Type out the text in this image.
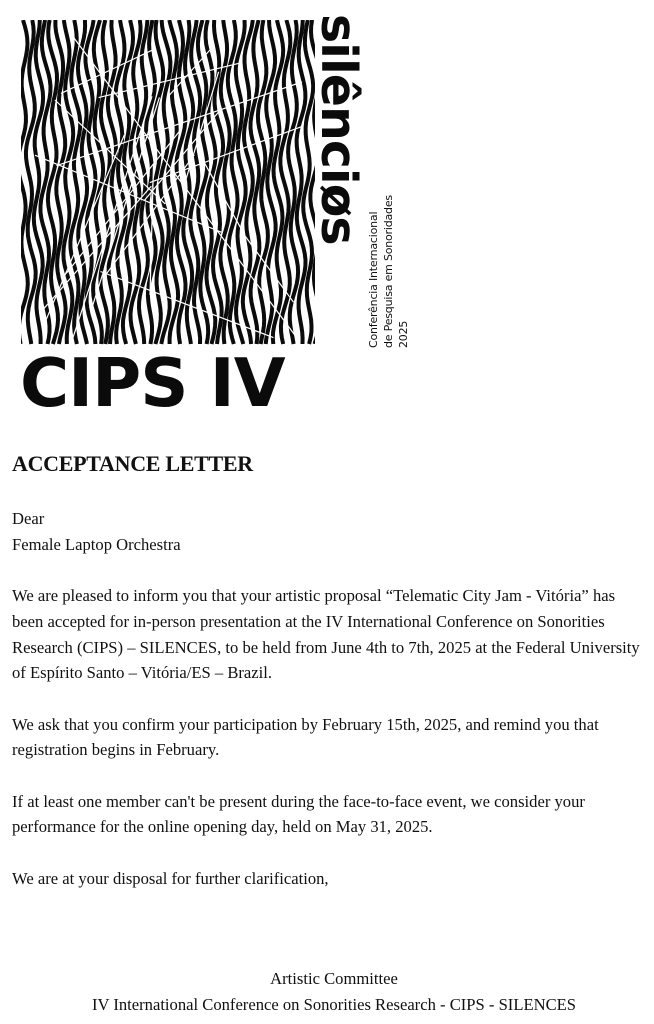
silênciøs
Conferência Internacional de Pesquisa em Sonoridades 2025
CIPS IV
ACCEPTANCE LETTER

Dear

Female Laptop Orchestra

We are pleased to inform you that your artistic proposal “Telematic City Jam - Vitória” has been accepted for in-person presentation at the IV International Conference on Sonorities Research (CIPS) – SILENCES, to be held from June 4th to 7th, 2025 at the Federal University of Espírito Santo – Vitória/ES – Brazil.

We ask that you confirm your participation by February 15th, 2025, and remind you that registration begins in February.

If at least one member can't be present during the face-to-face event, we consider your performance for the online opening day, held on May 31, 2025.

We are at your disposal for further clarification,

Artistic Committee
IV International Conference on Sonorities Research - CIPS - SILENCES
